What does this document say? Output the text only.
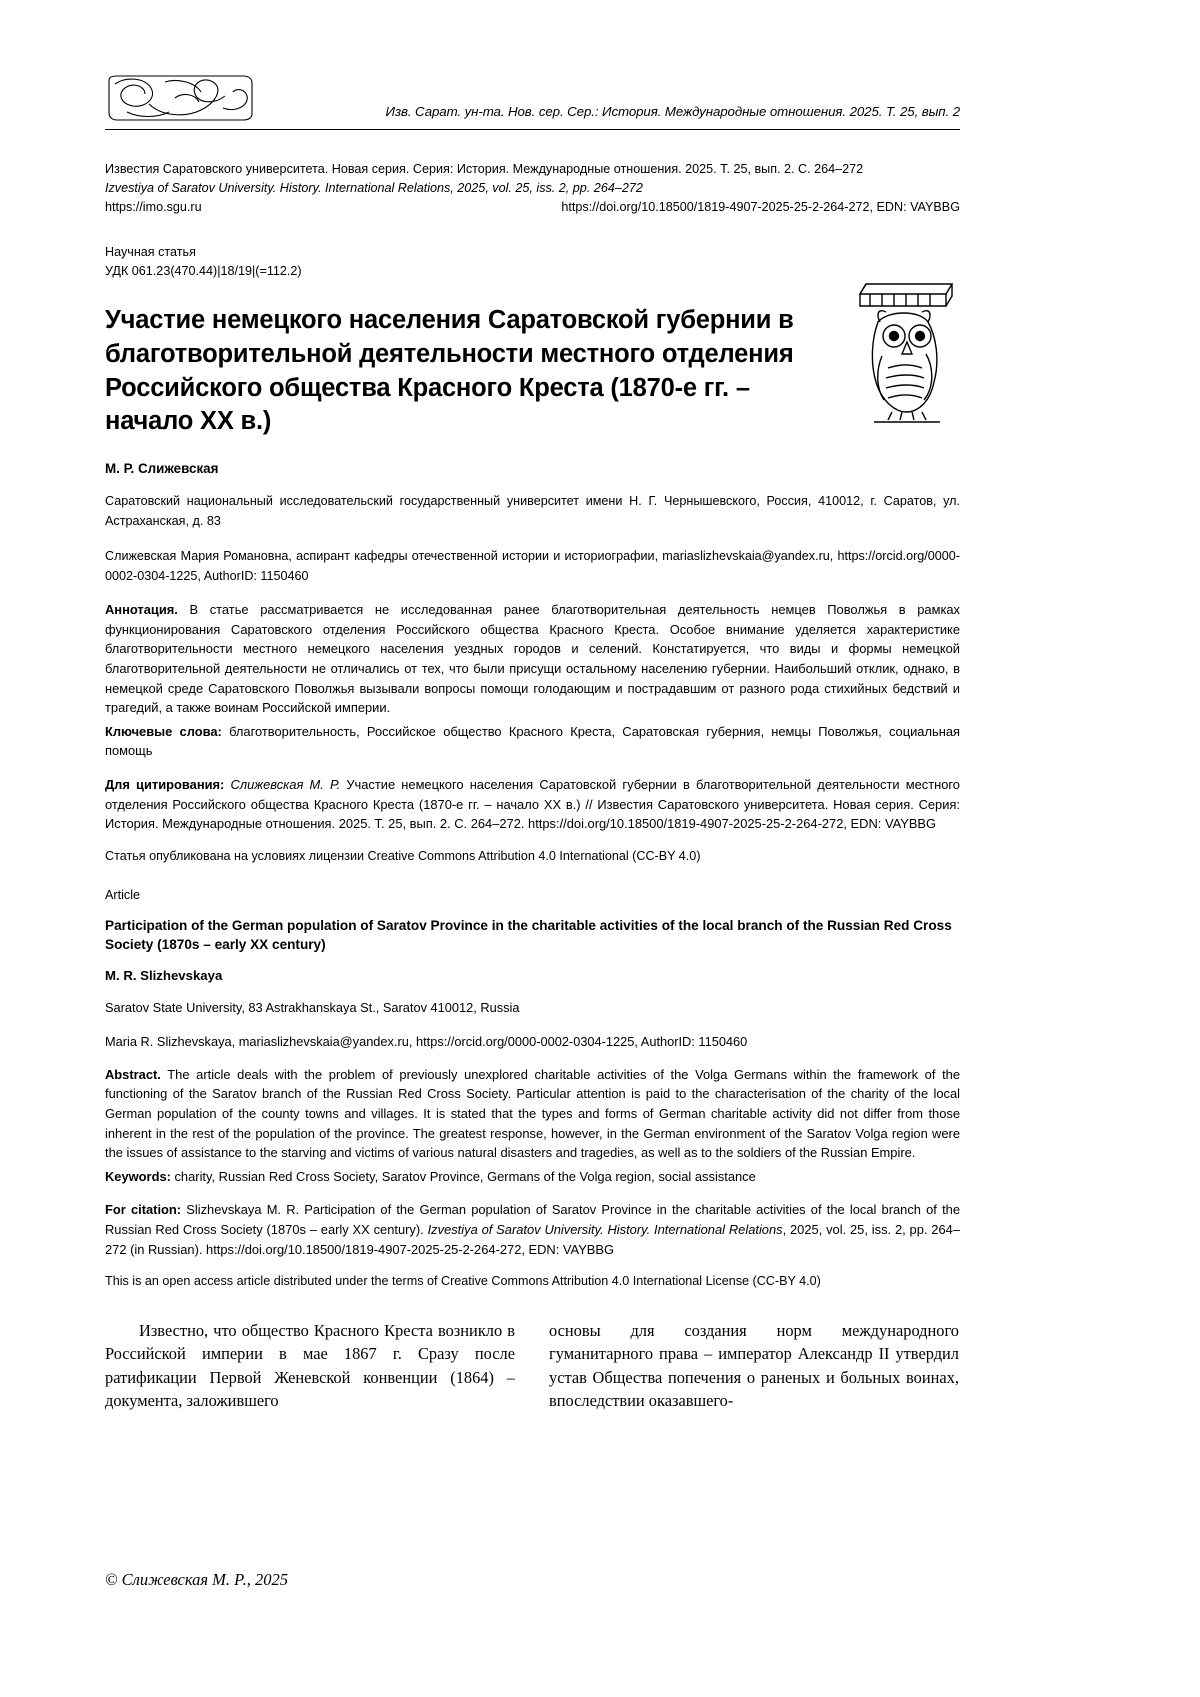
Изв. Сарат. ун-та. Нов. сер. Сер.: История. Международные отношения. 2025. Т. 25, вып. 2
Известия Саратовского университета. Новая серия. Серия: История. Международные отношения. 2025. Т. 25, вып. 2. С. 264–272
Izvestiya of Saratov University. History. International Relations, 2025, vol. 25, iss. 2, pp. 264–272
https://imo.sgu.ru	https://doi.org/10.18500/1819-4907-2025-25-2-264-272, EDN: VAYBBG
Научная статья
УДК 061.23(470.44)|18/19|(=112.2)
Участие немецкого населения Саратовской губернии в благотворительной деятельности местного отделения Российского общества Красного Креста (1870-е гг. – начало XX в.)
М. Р. Слижевская
Саратовский национальный исследовательский государственный университет имени Н. Г. Чернышевского, Россия, 410012, г. Саратов, ул. Астраханская, д. 83
Слижевская Мария Романовна, аспирант кафедры отечественной истории и историографии, mariaslizhevskaia@yandex.ru, https://orcid.org/0000-0002-0304-1225, AuthorID: 1150460
Аннотация. В статье рассматривается не исследованная ранее благотворительная деятельность немцев Поволжья в рамках функционирования Саратовского отделения Российского общества Красного Креста. Особое внимание уделяется характеристике благотворительности местного немецкого населения уездных городов и селений. Констатируется, что виды и формы немецкой благотворительной деятельности не отличались от тех, что были присущи остальному населению губернии. Наибольший отклик, однако, в немецкой среде Саратовского Поволжья вызывали вопросы помощи голодающим и пострадавшим от разного рода стихийных бедствий и трагедий, а также воинам Российской империи.
Ключевые слова: благотворительность, Российское общество Красного Креста, Саратовская губерния, немцы Поволжья, социальная помощь
Для цитирования: Слижевская М. Р. Участие немецкого населения Саратовской губернии в благотворительной деятельности местного отделения Российского общества Красного Креста (1870-е гг. – начало XX в.) // Известия Саратовского университета. Новая серия. Серия: История. Международные отношения. 2025. Т. 25, вып. 2. С. 264–272. https://doi.org/10.18500/1819-4907-2025-25-2-264-272, EDN: VAYBBG
Статья опубликована на условиях лицензии Creative Commons Attribution 4.0 International (CC-BY 4.0)
Article
Participation of the German population of Saratov Province in the charitable activities of the local branch of the Russian Red Cross Society (1870s – early XX century)
M. R. Slizhevskaya
Saratov State University, 83 Astrakhanskaya St., Saratov 410012, Russia
Maria R. Slizhevskaya, mariaslizhevskaia@yandex.ru, https://orcid.org/0000-0002-0304-1225, AuthorID: 1150460
Abstract. The article deals with the problem of previously unexplored charitable activities of the Volga Germans within the framework of the functioning of the Saratov branch of the Russian Red Cross Society. Particular attention is paid to the characterisation of the charity of the local German population of the county towns and villages. It is stated that the types and forms of German charitable activity did not differ from those inherent in the rest of the population of the province. The greatest response, however, in the German environment of the Saratov Volga region were the issues of assistance to the starving and victims of various natural disasters and tragedies, as well as to the soldiers of the Russian Empire.
Keywords: charity, Russian Red Cross Society, Saratov Province, Germans of the Volga region, social assistance
For citation: Slizhevskaya M. R. Participation of the German population of Saratov Province in the charitable activities of the local branch of the Russian Red Cross Society (1870s – early XX century). Izvestiya of Saratov University. History. International Relations, 2025, vol. 25, iss. 2, pp. 264–272 (in Russian). https://doi.org/10.18500/1819-4907-2025-25-2-264-272, EDN: VAYBBG
This is an open access article distributed under the terms of Creative Commons Attribution 4.0 International License (CC-BY 4.0)

Известно, что общество Красного Креста возникло в Российской империи в мае 1867 г. Сразу после ратификации Первой Женевской конвенции (1864) – документа, заложившего

основы для создания норм международного гуманитарного права – император Александр II утвердил устав Общества попечения о раненых и больных воинах, впоследствии оказавшего-

© Слижевская М. Р., 2025
